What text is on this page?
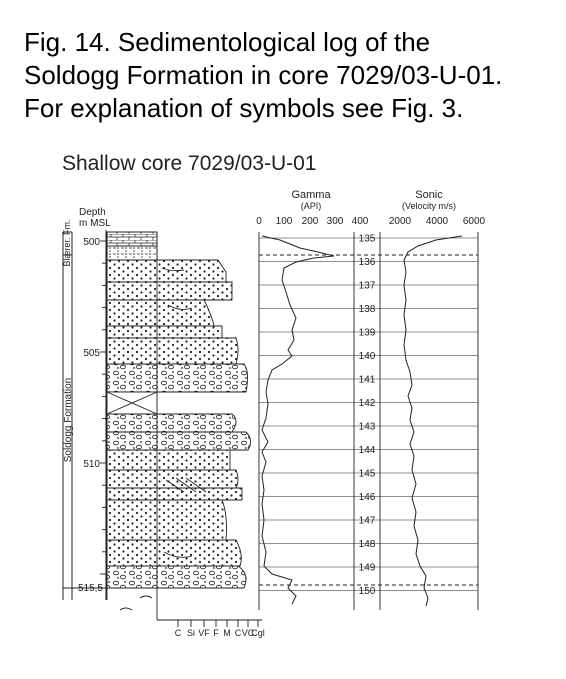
Fig. 14. Sedimentological log of the
Soldogg Formation in core 7029/03-U-01.
For explanation of symbols see Fig. 3.
Shallow core 7029/03-U-01
Blærer. Fm.
Soldogg Formation
Depth
m MSL
500
505
510
515,5
C Si VF F M C VC
Cgl
Gamma
(API)
0 100 200 300 400
135
136
137
138
139
140
141
142
143
144
145
146
147
148
149
150
Sonic
(Velocity m/s)
2000 4000 6000
